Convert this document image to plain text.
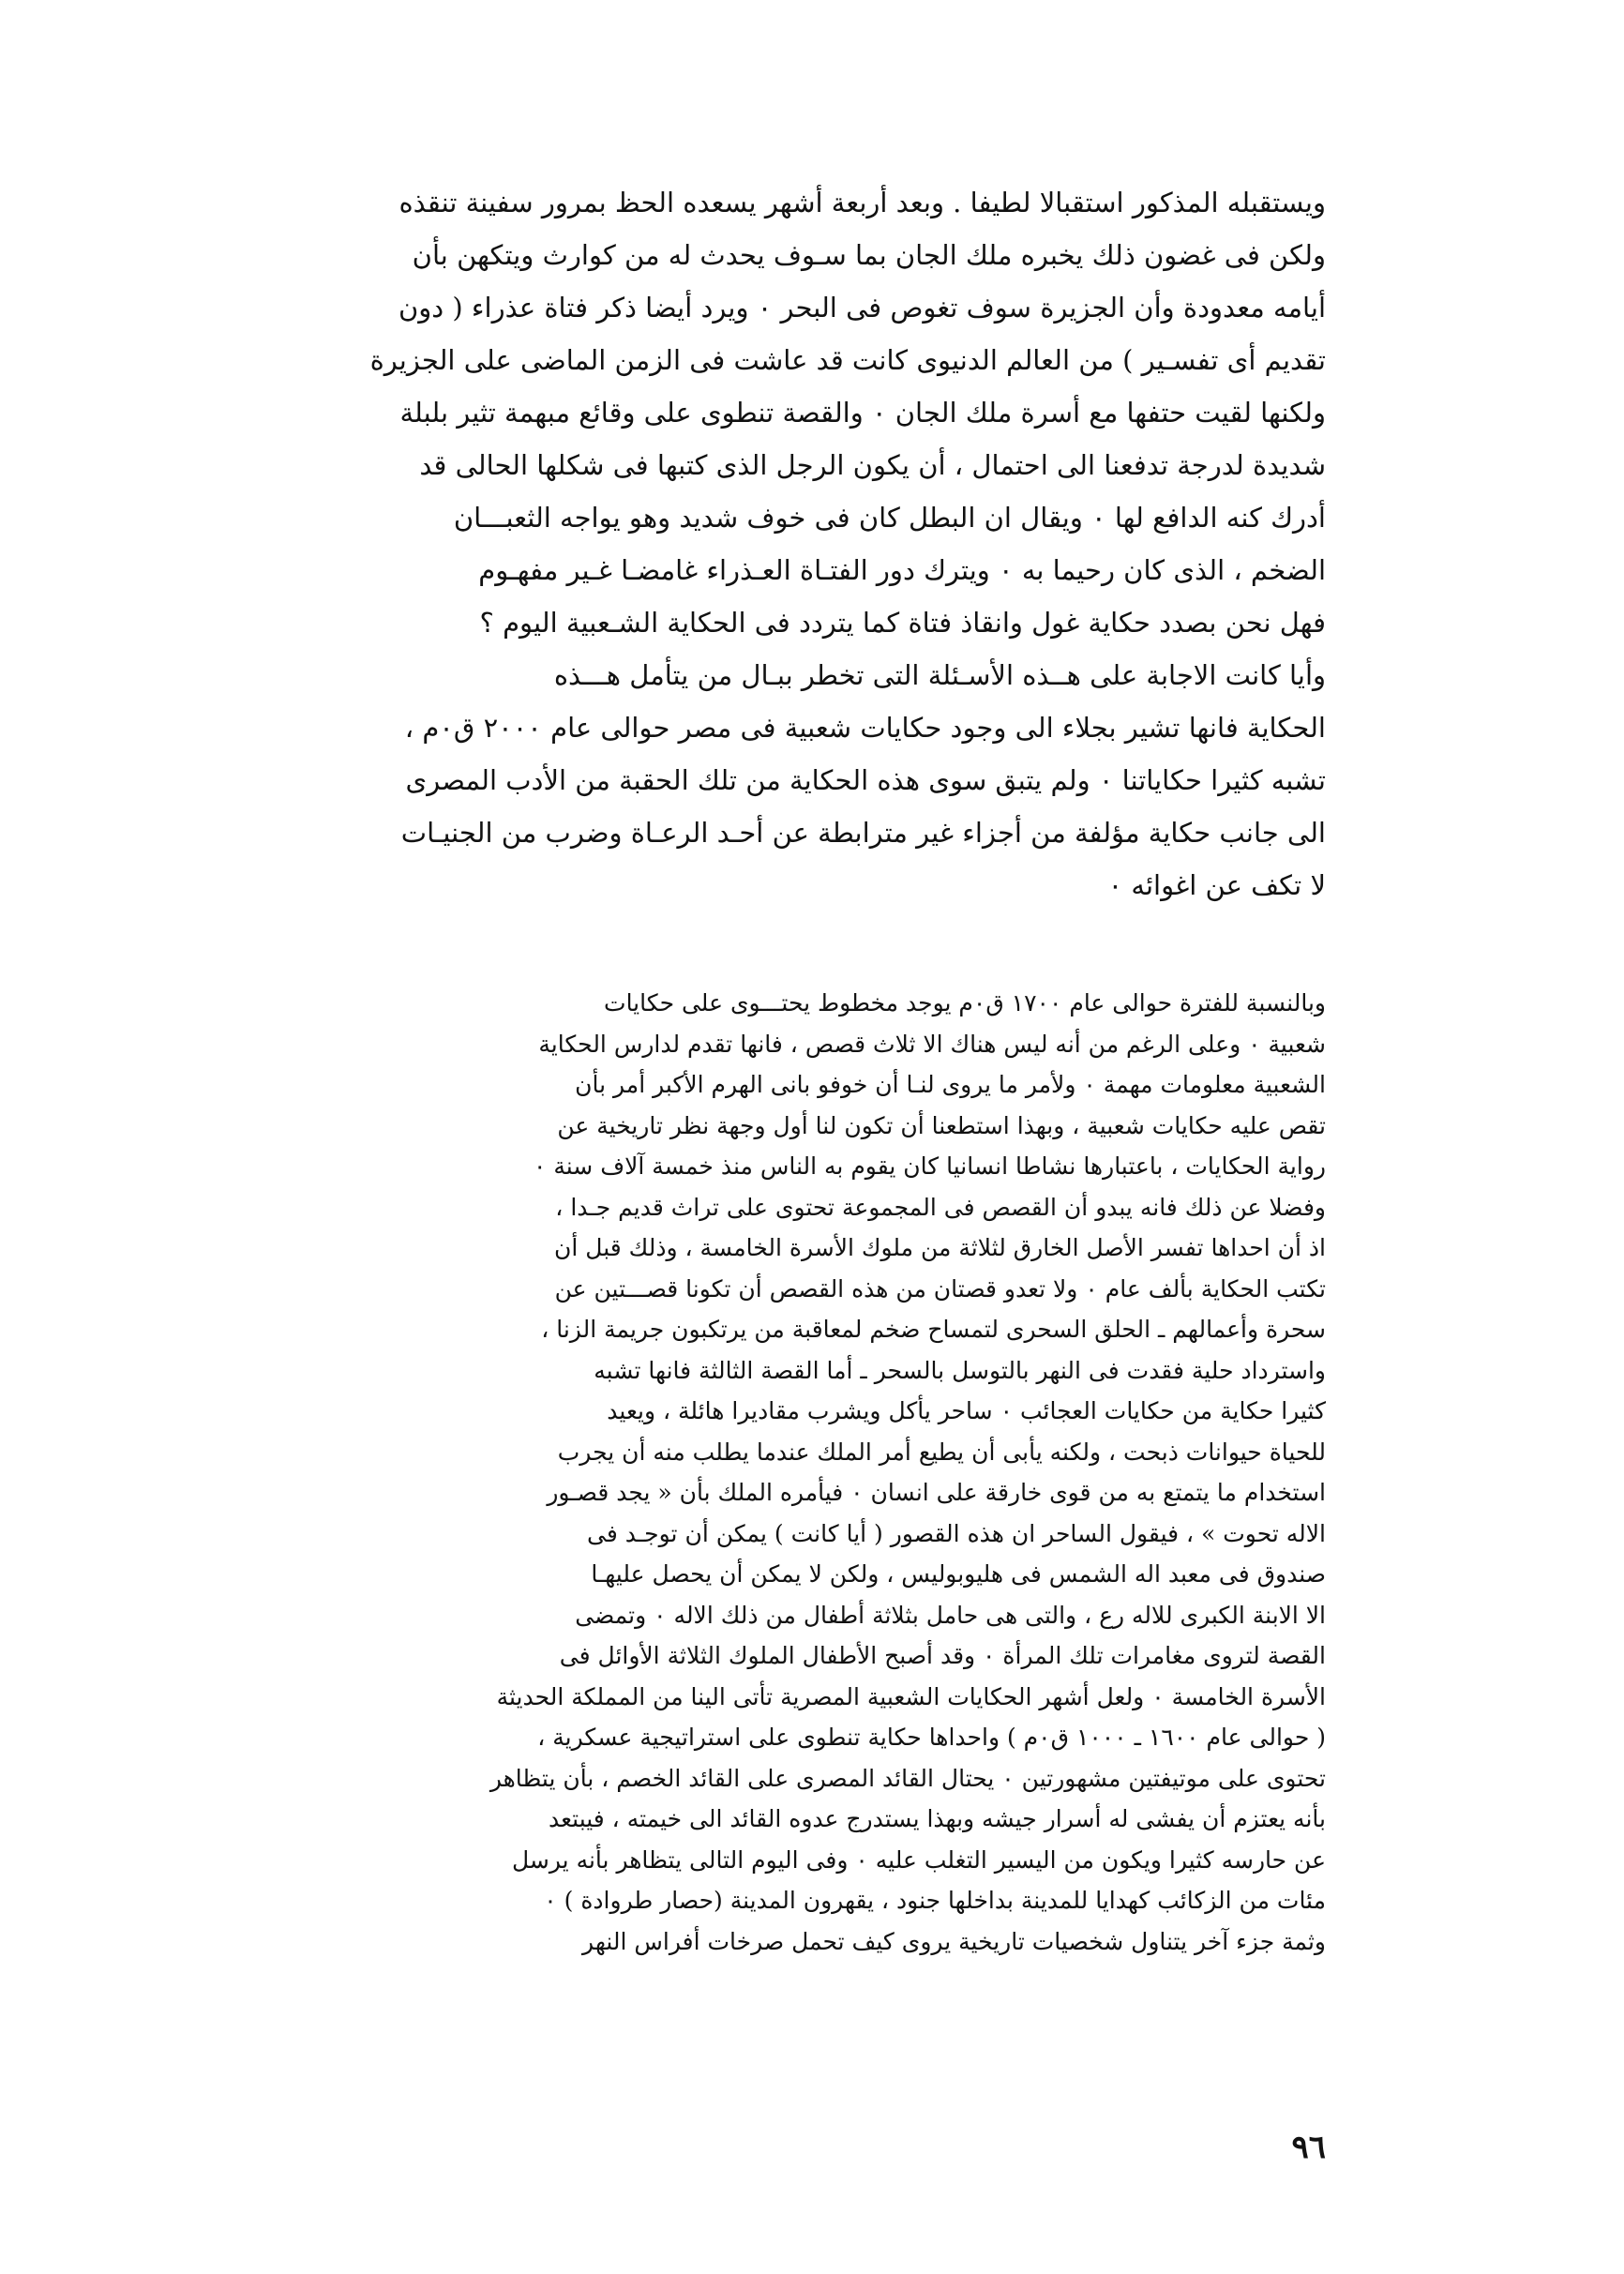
ويستقبله المذكور استقبالا لطيفا . وبعد أربعة أشهر يسعده الحظ بمرور سفينة تنقذه
ولكن فى غضون ذلك يخبره ملك الجان بما سـوف يحدث له من كوارث ويتكهن بأن
أيامه معدودة وأن الجزيرة سوف تغوص فى البحر ٠ ويرد أيضا ذكر فتاة عذراء ( دون
تقديم أى تفسـير ) من العالم الدنيوى كانت قد عاشت فى الزمن الماضى على الجزيرة
ولكنها لقيت حتفها مع أسرة ملك الجان ٠ والقصة تنطوى على وقائع مبهمة تثير بلبلة
شديدة لدرجة تدفعنا الى احتمال ، أن يكون الرجل الذى كتبها فى شكلها الحالى قد
أدرك كنه الدافع لها ٠ ويقال ان البطل كان فى خوف شديد وهو يواجه الثعبـــان
الضخم ، الذى كان رحيما به ٠ ويترك دور الفتـاة العـذراء غامضـا غـير مفهـوم
فهل نحن بصدد حكاية غول وانقاذ فتاة كما يتردد فى الحكاية الشـعبية اليوم ؟
وأيا كانت الاجابة على هــذه الأسـئلة التى تخطر ببـال من يتأمل هـــذه
الحكاية فانها تشير بجلاء الى وجود حكايات شعبية فى مصر حوالى عام ٢٠٠٠ ق٠م ،
تشبه كثيرا حكاياتنا ٠ ولم يتبق سوى هذه الحكاية من تلك الحقبة من الأدب المصرى
الى جانب حكاية مؤلفة من أجزاء غير مترابطة عن أحـد الرعـاة وضرب من الجنيـات
لا تكف عن اغوائه ٠
وبالنسبة للفترة حوالى عام ١٧٠٠ ق٠م يوجد مخطوط يحتـــوى على حكايات
شعبية ٠ وعلى الرغم من أنه ليس هناك الا ثلاث قصص ، فانها تقدم لدارس الحكاية
الشعبية معلومات مهمة ٠ ولأمر ما يروى لنـا أن خوفو بانى الهرم الأكبر أمر بأن
تقص عليه حكايات شعبية ، وبهذا استطعنا أن تكون لنا أول وجهة نظر تاريخية عن
رواية الحكايات ، باعتبارها نشاطا انسانيا كان يقوم به الناس منذ خمسة آلاف سنة ٠
وفضلا عن ذلك فانه يبدو أن القصص فى المجموعة تحتوى على تراث قديم جـدا ،
اذ أن احداها تفسر الأصل الخارق لثلاثة من ملوك الأسرة الخامسة ، وذلك قبل أن
تكتب الحكاية بألف عام ٠ ولا تعدو قصتان من هذه القصص أن تكونا قصـــتين عن
سحرة وأعمالهم ـ الحلق السحرى لتمساح ضخم لمعاقبة من يرتكبون جريمة الزنا ،
واسترداد حلية فقدت فى النهر بالتوسل بالسحر ـ أما القصة الثالثة فانها تشبه
كثيرا حكاية من حكايات العجائب ٠ ساحر يأكل ويشرب مقاديرا هائلة ، ويعيد
للحياة حيوانات ذبحت ، ولكنه يأبى أن يطيع أمر الملك عندما يطلب منه أن يجرب
استخدام ما يتمتع به من قوى خارقة على انسان ٠ فيأمره الملك بأن « يجد قصـور
الاله تحوت » ، فيقول الساحر ان هذه القصور ( أيا كانت ) يمكن أن توجـد فى
صندوق فى معبد اله الشمس فى هليوبوليس ، ولكن لا يمكن أن يحصل عليهـا
الا الابنة الكبرى للاله رع ، والتى هى حامل بثلاثة أطفال من ذلك الاله ٠ وتمضى
القصة لتروى مغامرات تلك المرأة ٠ وقد أصبح الأطفال الملوك الثلاثة الأوائل فى
الأسرة الخامسة ٠ ولعل أشهر الحكايات الشعبية المصرية تأتى الينا من المملكة الحديثة
( حوالى عام ١٦٠٠ ـ ١٠٠٠ ق٠م ) واحداها حكاية تنطوى على استراتيجية عسكرية ،
تحتوى على موتيفتين مشهورتين ٠ يحتال القائد المصرى على القائد الخصم ، بأن يتظاهر
بأنه يعتزم أن يفشى له أسرار جيشه وبهذا يستدرج عدوه القائد الى خيمته ، فيبتعد
عن حارسه كثيرا ويكون من اليسير التغلب عليه ٠ وفى اليوم التالى يتظاهر بأنه يرسل
مئات من الزكائب كهدايا للمدينة بداخلها جنود ، يقهرون المدينة (حصار طروادة ) ٠
وثمة جزء آخر يتناول شخصيات تاريخية يروى كيف تحمل صرخات أفراس النهر
٩٦
